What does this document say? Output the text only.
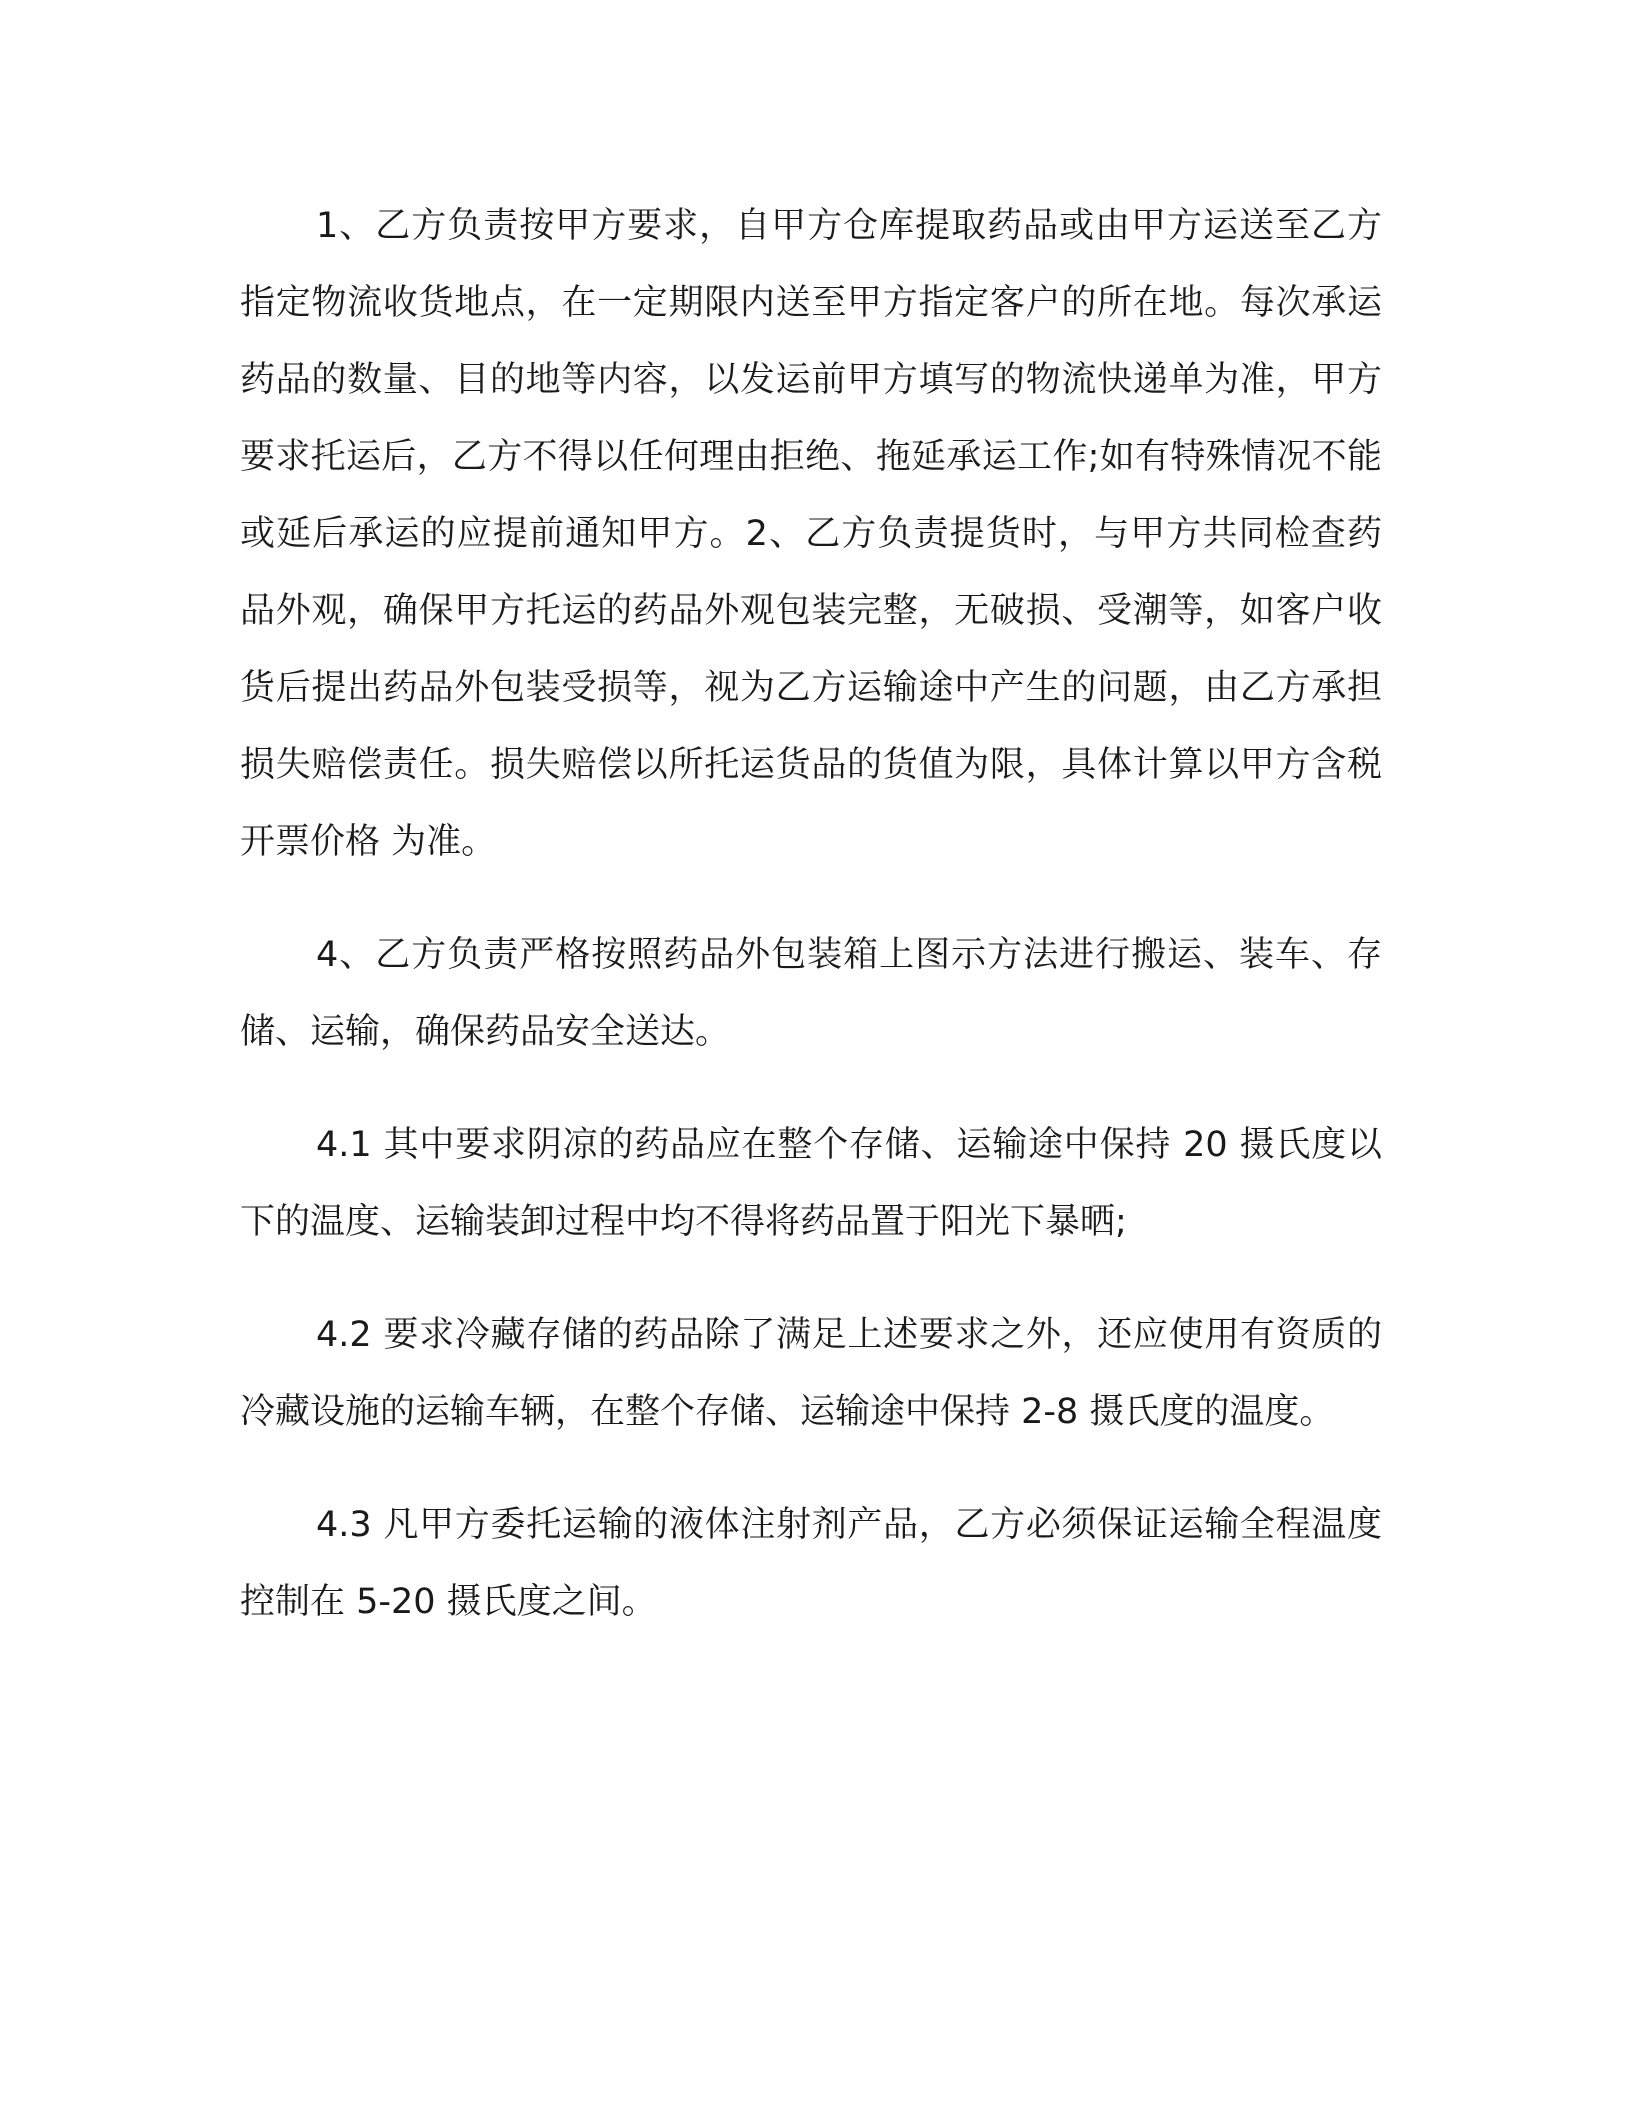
1、乙方负责按甲方要求，自甲方仓库提取药品或由甲方运送至乙方指定物流收货地点，在一定期限内送至甲方指定客户的所在地。每次承运药品的数量、目的地等内容，以发运前甲方填写的物流快递单为准，甲方要求托运后，乙方不得以任何理由拒绝、拖延承运工作;如有特殊情况不能或延后承运的应提前通知甲方。2、乙方负责提货时，与甲方共同检查药品外观，确保甲方托运的药品外观包装完整，无破损、受潮等，如客户收货后提出药品外包装受损等，视为乙方运输途中产生的问题，由乙方承担损失赔偿责任。损失赔偿以所托运货品的货值为限，具体计算以甲方含税开票价格 为准。

4、乙方负责严格按照药品外包装箱上图示方法进行搬运、装车、存储、运输，确保药品安全送达。

4.1 其中要求阴凉的药品应在整个存储、运输途中保持 20 摄氏度以下的温度、运输装卸过程中均不得将药品置于阳光下暴晒;

4.2 要求冷藏存储的药品除了满足上述要求之外，还应使用有资质的冷藏设施的运输车辆，在整个存储、运输途中保持 2-8 摄氏度的温度。

4.3 凡甲方委托运输的液体注射剂产品，乙方必须保证运输全程温度控制在 5-20 摄氏度之间。
